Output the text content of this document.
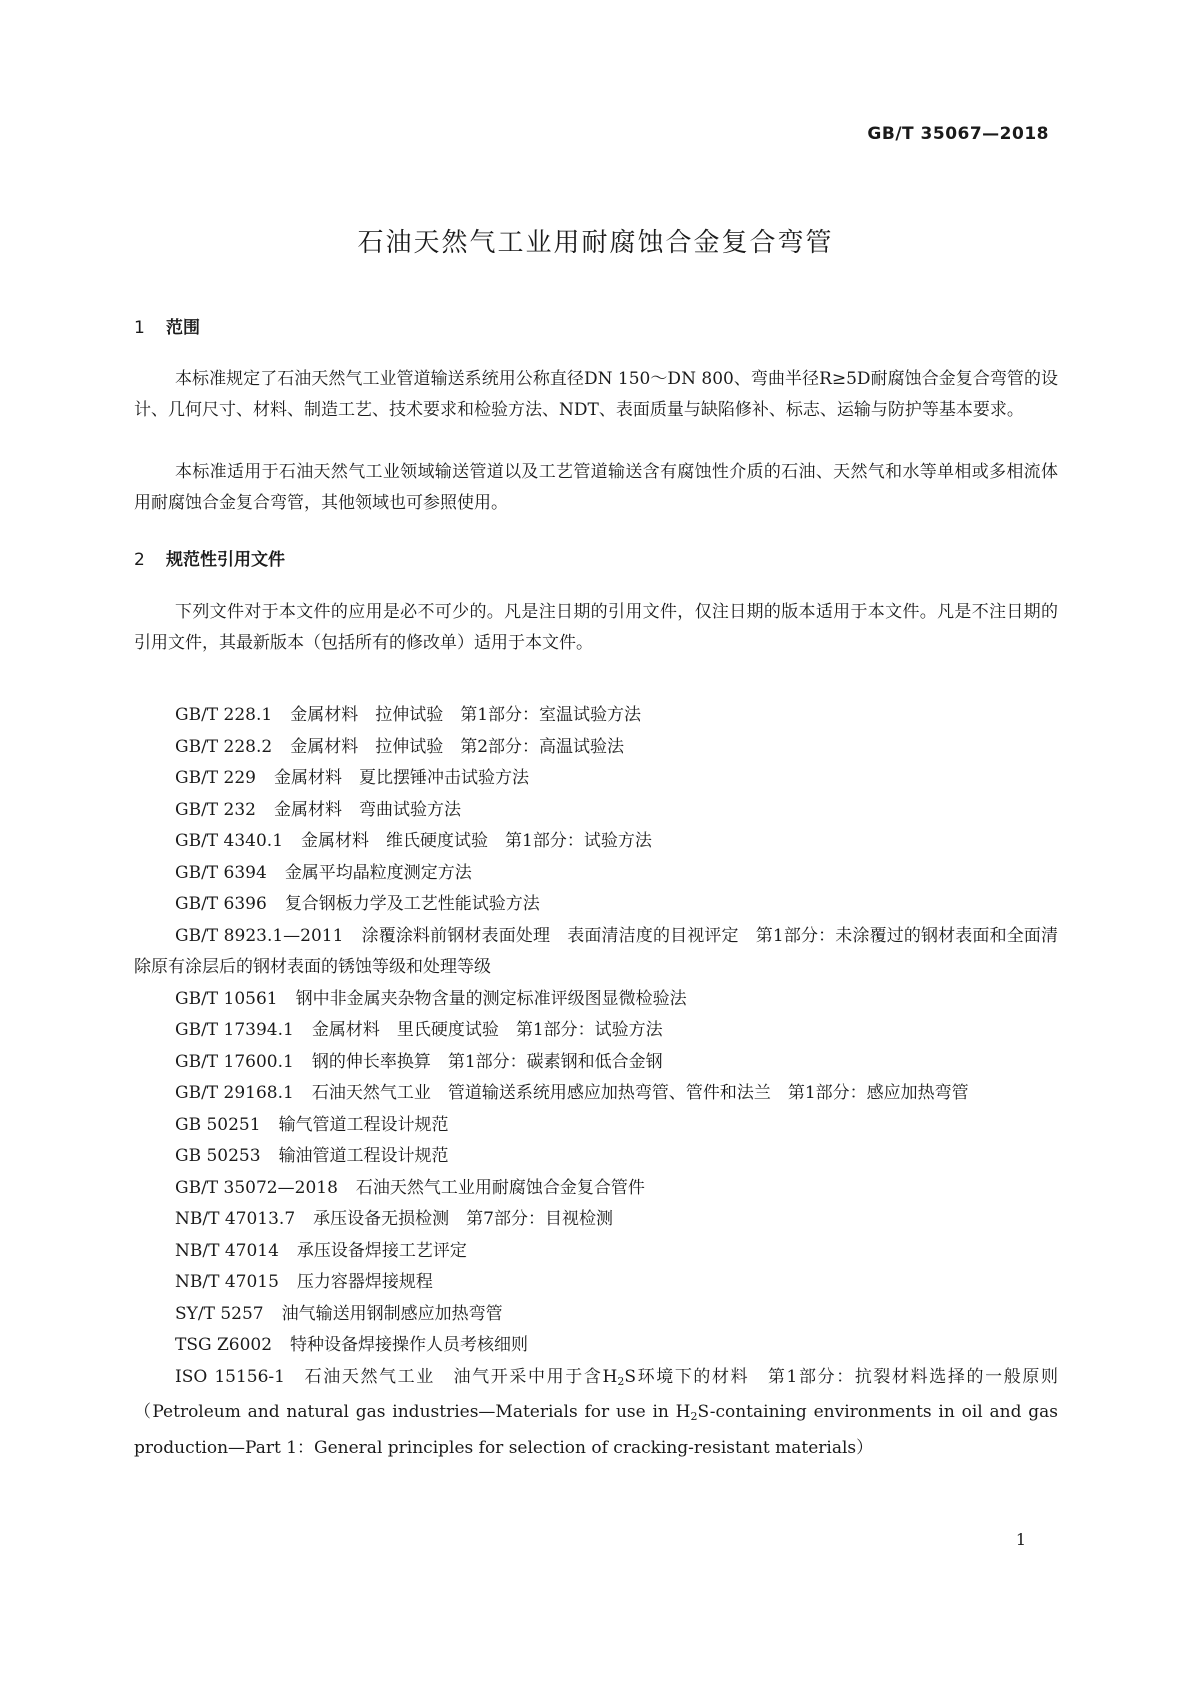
GB/T 35067—2018
石油天然气工业用耐腐蚀合金复合弯管
1 范围
本标准规定了石油天然气工业管道输送系统用公称直径DN 150～DN 800、弯曲半径R≥5D耐腐蚀合金复合弯管的设计、几何尺寸、材料、制造工艺、技术要求和检验方法、NDT、表面质量与缺陷修补、标志、运输与防护等基本要求。
本标准适用于石油天然气工业领域输送管道以及工艺管道输送含有腐蚀性介质的石油、天然气和水等单相或多相流体用耐腐蚀合金复合弯管，其他领域也可参照使用。
2 规范性引用文件
下列文件对于本文件的应用是必不可少的。凡是注日期的引用文件，仅注日期的版本适用于本文件。凡是不注日期的引用文件，其最新版本（包括所有的修改单）适用于本文件。
GB/T 228.1 金属材料　拉伸试验　第1部分：室温试验方法
GB/T 228.2 金属材料　拉伸试验　第2部分：高温试验法
GB/T 229 金属材料　夏比摆锤冲击试验方法
GB/T 232 金属材料　弯曲试验方法
GB/T 4340.1 金属材料　维氏硬度试验　第1部分：试验方法
GB/T 6394 金属平均晶粒度测定方法
GB/T 6396 复合钢板力学及工艺性能试验方法
GB/T 8923.1—2011 涂覆涂料前钢材表面处理　表面清洁度的目视评定　第1部分：未涂覆过的钢材表面和全面清除原有涂层后的钢材表面的锈蚀等级和处理等级
GB/T 10561 钢中非金属夹杂物含量的测定标准评级图显微检验法
GB/T 17394.1 金属材料　里氏硬度试验　第1部分：试验方法
GB/T 17600.1 钢的伸长率换算　第1部分：碳素钢和低合金钢
GB/T 29168.1 石油天然气工业　管道输送系统用感应加热弯管、管件和法兰　第1部分：感应加热弯管
GB 50251 输气管道工程设计规范
GB 50253 输油管道工程设计规范
GB/T 35072—2018 石油天然气工业用耐腐蚀合金复合管件
NB/T 47013.7 承压设备无损检测　第7部分：目视检测
NB/T 47014 承压设备焊接工艺评定
NB/T 47015 压力容器焊接规程
SY/T 5257 油气输送用钢制感应加热弯管
TSG Z6002 特种设备焊接操作人员考核细则
ISO 15156-1 石油天然气工业　油气开采中用于含$H_2S$环境下的材料　第1部分：抗裂材料选择的一般原则（Petroleum and natural gas industries—Materials for use in $H_2S$-containing environments in oil and gas production—Part 1：General principles for selection of cracking-resistant materials）
1
